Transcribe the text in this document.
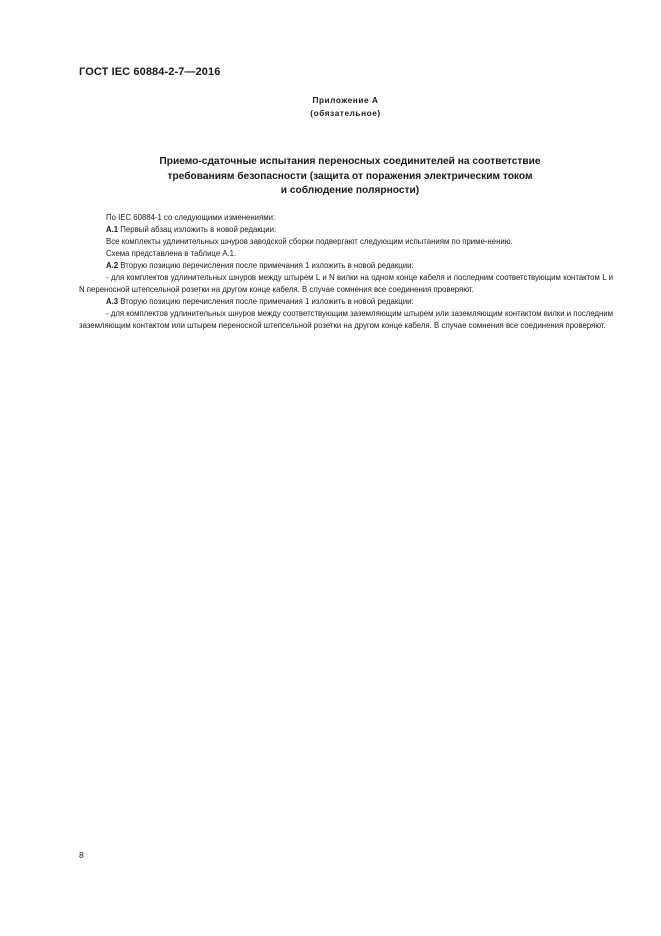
ГОСТ IEC 60884-2-7—2016
Приложение А
(обязательное)
Приемо-сдаточные испытания переносных соединителей на соответствие
требованиям безопасности (защита от поражения электрическим током
и соблюдение полярности)

По IEC 60884-1 со следующими изменениями:

А.1 Первый абзац изложить в новой редакции:

Все комплекты удлинительных шнуров заводской сборки подвергают следующим испытаниям по приме-нению.

Схема представлена в таблице А.1.

А.2 Вторую позицию перечисления после примечания 1 изложить в новой редакции:

- для комплектов удлинительных шнуров между штырем L и N вилки на одном конце кабеля и последним соответствующим контактом L и N переносной штепсельной розетки на другом конце кабеля. В случае сомнения все соединения проверяют.

А.3 Вторую позицию перечисления после примечания 1 изложить в новой редакции:

- для комплектов удлинительных шнуров между соответствующим заземляющим штырем или заземляющим контактом вилки и последним заземляющим контактом или штырем переносной штепсельной розетки на другом конце кабеля. В случае сомнения все соединения проверяют.

8
